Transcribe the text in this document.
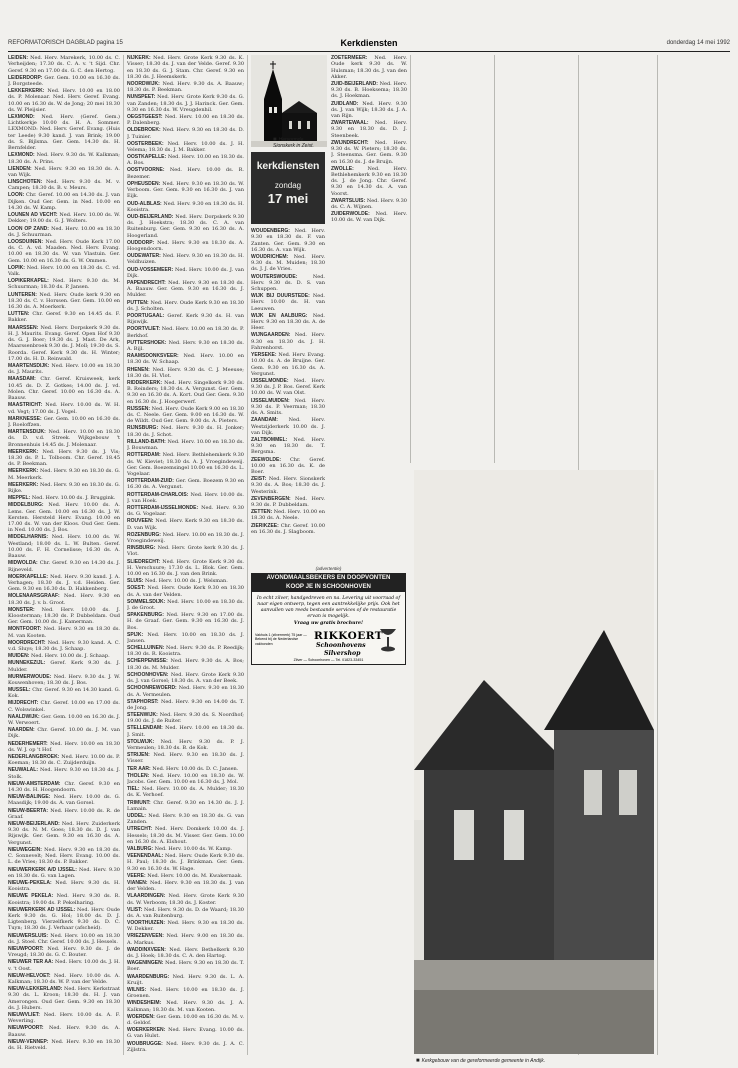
REFORMATORISCH DAGBLAD pagina 15	Kerkdiensten	donderdag 14 mei 1992

LEIDEN: Ned. Herv. Marekerk, 10.00 ds. C. Verheijden; 17.30 ds. C. A. v. 't Sijd. Chr. Geref. 9.30 en 17.00 ds. G. C. den Hertog.

LEIDERDORP: Ger. Gem. 10.00 en 16.30 ds. J. Borgsteede.

LEKKERKERK: Ned. Herv. 10.00 en 18.00 ds. P. Molenaar. Ned. Herv. Geref. Evang. 10.00 en 16.30 ds. W. de Jong; 20 mei 18.30 ds. W. Pleijsier.

LEXMOND: Ned. Herv. (Geref. Gem.) Lichtkerkje 10.00 ds. H. A. Sommer. LEXMOND: Ned. Herv. Geref. Evang. (Huis ter Leede) 9.30 kand. J. van Brink; 19.00 ds. S. Bijlsma. Ger. Gem. 14.30 ds. H. Bernfelder.

LEXMOND: Ned. Herv. 9.30 ds. W. Kalkman; 18.30 ds. A. Prins.

LIENDEN: Ned. Herv. 9.30 en 18.30 ds. A. van Wijk.

LINSCHOTEN: Ned. Herv. 9.30 ds. M. v. Campen; 18.30 ds. B. v. Meurs.

LOON: Chr. Geref. 10.00 en 14.30 ds. J. van Dijken. Oud Ger. Gem. in Ned. 10.00 en 14.30 ds. W. Kamp.

LOUNEN AD VECHT: Ned. Herv. 10.00 ds. W. Dekker; 19.00 ds. G. J. Wolters.

LOON OP ZAND: Ned. Herv. 10.00 en 18.30 ds. J. Schuurman.

LOOSDUINEN: Ned. Herv. Oude Kerk 17.00 ds. C. A. vd. Maaden. Ned. Herv. Evang. 10.00 en 18.30 ds. W. van Vlastuin. Ger. Gem. 10.00 en 16.30 ds. G. W. Ommen.

LOPIK: Ned. Herv. 10.00 en 18.30 ds. C. vd. Valk.

LOPIKERKAPEL: Ned. Herv. 9.30 ds. M. Schuurman; 18.30 ds. P. Jansen.

LUNTEREN: Ned. Herv. Oude kerk 9.30 en 18.30 ds. C. v. Horssen. Ger. Gem. 10.00 en 16.30 ds. A. Moerkerk.

LUTTEN: Chr. Geref. 9.30 en 14.45 ds. F. Bakker.

MAARSSEN: Ned. Herv. Dorpskerk 9.30 ds. H. J. Maurits. Evang. Geref. Open Hof 9.30 ds. G. J. Boer; 19.30 ds. J. Mast. De Ark, Maarssenbroek 9.30 ds. J. Moll; 19.30 ds. S. Roorda. Geref. Kerk 9.30 ds. H. Winter; 17.00 ds. H. D. Reinwald.

MAARTENSDIJK: Ned. Herv. 10.00 en 18.30 ds. J. Maurits.

MAASDAM: Chr. Geref. Kruisweek, kerk 10.45 ds. D. Z. Gotkes; 14.00 ds. J. vd. Molen. Chr. Geref. 10.00 en 16.30 ds. A. Baauw.

MAASTRICHT: Ned. Herv. 10.00 ds. W. H. vd. Vegt; 17.00 ds. J. Vogel.

MARKNESSE: Ger. Gem. 10.00 en 16.30 ds. J. Roeloffzen.

MARTENSDIJK: Ned. Herv. 10.00 en 18.30 ds. D. v.d. Streek. Wijkgebouw 't Bronnenhuis 14.45 ds. J. Molenaar.

MEERKERK: Ned. Herv. 9.30 ds. J. Vis; 18.30 ds. P. L. Tolboom. Chr. Geref. 18.45 ds. P. Beekman.

MEERKERK: Ned. Herv. 9.30 en 18.30 ds. G. M. Meerkerk.

MEERKERK: Ned. Herv. 9.30 en 18.30 ds. G. Rijke.

MEPPEL: Ned. Herv. 10.00 ds. J. Bruggink.

MIDDELBURG: Ned. Herv. 10.00 ds. A. Lems. Ger. Gem. 10.00 en 16.30 ds. J. W. Kersten. Hersteld Herv. Evang. 10.00 en 17.00 ds. W. van der Kloos. Oud Ger. Gem. in Ned. 10.00 ds. J. Bos.

MIDDELHARNIS: Ned. Herv. 10.00 ds. W. Westland; 18.00 ds. L. W. Bulten. Geref. 10.00 ds. F. H. Cornelisse; 16.30 ds. A. Baauw.

MIDWOLDA: Chr. Geref. 9.30 en 14.30 ds. J. Rijneveld.

MOERKAPELLE: Ned. Herv. 9.30 kand. J. A. Verhagen; 18.30 ds. J. v.d. Heiden. Ger. Gem. 9.30 en 16.30 ds. D. Hakkenberg.

MOLENAARSGRAAF: Ned. Herv. 9.30 en 18.30 ds. J. v. b. Groot.

MONSTER: Ned. Herv. 10.00 ds. J. Kloosterman; 18.30 ds. P. Dubbeldam. Oud Ger. Gem. 10.00 ds. J. Kamerman.

MONTFOORT: Ned. Herv. 9.30 en 18.30 ds. M. van Kooten.

MOORDRECHT: Ned. Herv. 9.30 kand. A. C. v.d. Sluys; 18.30 ds. J. Schaap.

MUIDEN: Ned. Herv. 10.00 ds. J. Schaap.

MUNNEKEZIJL: Geref. Kerk 9.30 ds. J. Mulder.

MURMERWOUDE: Ned. Herv. 9.30 ds. J. W. Kouwenhoven; 18.30 ds. J. Bos.

MUSSEL: Chr. Geref. 9.30 en 14.30 kand. G. Kok.

MIJDRECHT: Chr. Geref. 10.00 en 17.00 ds. C. Wolswinkel.

NAALDWIJK: Ger. Gem. 10.00 en 16.30 ds. J. W. Verwoert.

NAARDEN: Chr. Geref. 10.00 ds. J. M. van Dijk.

NEDERHEMERT: Ned. Herv. 10.00 en 18.30 ds. W. J. op 't Hof.

NEDERLANGBROEK: Ned. Herv. 10.00 ds. P. Koeman; 18.30 ds. C. Zuijderduijn.

NEUWALAL: Ned. Herv. 9.30 en 18.30 ds. J. Stolk.

NIEUW-AMSTERDAM: Chr. Geref. 9.30 en 14.30 ds. H. Hoogendoorn.

NIEUW-BALINGE: Ned. Herv. 10.00 ds. G. Maasdijk; 19.00 ds. A. van Gorsel.

NIEUW-BEERTA: Ned. Herv. 10.00 ds. R. de Graaf.

NIEUW-BEIJERLAND: Ned. Herv. Zuiderkerk 9.30 ds. N. M. Goes; 18.30 ds. D. J. van Rijswijk. Ger. Gem. 9.30 en 16.30 ds. A. Vergunst.

NIEUWEGEIN: Ned. Herv. 9.30 en 18.30 ds. C. Sonnevelt; Ned. Herv. Evang. 10.00 ds. L. de Vries; 18.30 ds. P. Bakker.

NIEUWERKERK A/D IJSSEL: Ned. Herv. 9.30 en 18.30 ds. G. van Lagen.

NIEUWE-PEKELA: Ned. Herv. 9.30 ds. H. Kooistra.

NIEUWE PEKELA: Ned. Herv. 9.30 ds. R. Kooistra; 19.00 ds. P. Pekelharing.

NIEUWERKERK AD IJSSEL: Ned. Herv. Oude Kerk 9.30 ds. G. Hol; 18.00 ds. D. J. Ligtenberg. Vierzelfkerk 9.30 ds. D. C. Tuyn; 18.30 ds. J. Verhaar (afscheid).

NIEUWERSLUIS: Ned. Herv. 10.00 en 18.30 ds. J. Stoel. Chr. Geref. 10.00 ds. J. Hessels.

NIEUWPOORT: Ned. Herv. 9.30 ds. J. de Vreugd; 18.30 ds. G. C. Bouter.

NIEUWER TER AA: Ned. Herv. 10.00 ds. J. H. v. 't Oost.

NIEUW-HELVOET: Ned. Herv. 10.00 ds. A. Kalkman; 18.30 ds. W. P. van der Velde.

NIEUW-LEKKERLAND: Ned. Herv. Kerkstraat 9.30 ds. L. Kroon; 18.30 ds. H. J. van Amerongen. Oud Ger. Gem. 9.30 en 18.30 ds. J. Hubers.

NIEUWVLIET: Ned. Herv. 10.00 ds. A. F. Weverling.

NIEUWPOORT: Ned. Herv. 9.30 ds. A. Baauw.

NIEUW-VENNEP: Ned. Herv. 9.30 en 18.30 ds. H. Rietveld.

NIJKERK: Ned. Herv. Grote Kerk 9.30 ds. K. Visser; 18.30 ds. J. van der Velde. Geref. 9.30 en 18.30 ds. G. J. Stam. Chr. Geref. 9.30 en 18.30 ds. J. Heemskerk.

NOORDWIJK: Ned. Herv. 9.30 ds. A. Baauw; 18.30 ds. P. Beekman.

NUNSPEET: Ned. Herv. Grote Kerk 9.30 ds. G. van Zanden; 18.30 ds. J. J. Harinck. Ger. Gem. 9.30 en 16.30 ds. W. Vreugdenhil.

OEGSTGEEST: Ned. Herv. 10.00 en 18.30 ds. P. Dalenberg.

OLDEBROEK: Ned. Herv. 9.30 en 18.30 ds. D. J. Tuinier.

OOSTERBEEK: Ned. Herv. 10.00 ds. J. H. Velema; 18.30 ds. J. M. Bakker.

OOSTKAPELLE: Ned. Herv. 10.00 en 18.30 ds. A. Bos.

OOSTVOORNE: Ned. Herv. 10.00 ds. R. Bezemer.

OPHEUSDEN: Ned. Herv. 9.30 en 18.30 ds. W. Verboom. Ger. Gem. 9.30 en 16.30 ds. J. van Eijk.

OUD-ALBLAS: Ned. Herv. 9.30 en 18.30 ds. H. Kooistra.

OUD-BEIJERLAND: Ned. Herv. Dorpskerk 9.30 ds. J. Hoekstra; 18.30 ds. C. A. van Ruitenburg. Ger. Gem. 9.30 en 16.30 ds. A. Hoogerland.

OUDDORP: Ned. Herv. 9.30 en 18.30 ds. A. Hoogendoorn.

OUDEWATER: Ned. Herv. 9.30 en 18.30 ds. H. Veldhuizen.

OUD-VOSSEMEER: Ned. Herv. 10.00 ds. J. van Dijk.

PAPENDRECHT: Ned. Herv. 9.30 en 18.30 ds. A. Baauw. Ger. Gem. 9.30 en 16.30 ds. J. Mulder.

PUTTEN: Ned. Herv. Oude Kerk 9.30 en 18.30 ds. J. Scholten.

POORTUGAAL: Geref. Kerk 9.30 ds. H. van Rijswijk.

POORTVLIET: Ned. Herv. 10.00 en 18.30 ds. P. Berkhof.

PUTTERSHOEK: Ned. Herv. 9.30 en 18.30 ds. A. Bijl.

RAAMSDONKSVEER: Ned. Herv. 10.00 en 18.30 ds. W. Schaap.

RHENEN: Ned. Herv. 9.30 ds. C. J. Meeuse; 18.30 ds. H. Vlot.

RIDDERKERK: Ned. Herv. Singelkerk 9.30 ds. B. Reinders; 18.30 ds. A. Vergunst. Ger. Gem. 9.30 en 16.30 ds. A. Kort. Oud Ger. Gem. 9.30 en 16.30 ds. J. Hoogerwerf.

RIJSSEN: Ned. Herv. Oude Kerk 9.00 en 18.30 ds. C. Neele. Ger. Gem. 9.00 en 16.30 ds. W. de Wildt. Oud Ger. Gem. 9.00 ds. A. Pieters.

RIJNSBURG: Ned. Herv. 9.30 ds. H. Jonker; 18.30 ds. J. Schot.

RILLAND-BATH: Ned. Herv. 10.00 en 18.30 ds. J. Bouwman.

ROTTERDAM: Ned. Herv. Bethlehemkerk 9.30 ds. W. Kieviet; 18.30 ds. A. J. Vroegindeweij. Ger. Gem. Boezemsingel 10.00 en 16.30 ds. L. Vogelaar.

ROTTERDAM-ZUID: Ger. Gem. Boezem 9.30 en 16.30 ds. A. Vergunst.

ROTTERDAM-CHARLOIS: Ned. Herv. 10.00 ds. J. van Hoek.

ROTTERDAM-IJSSELMONDE: Ned. Herv. 9.30 ds. G. Vogelaar.

ROUVEEN: Ned. Herv. Kerk 9.30 en 18.30 ds. D. van Wijk.

ROZENBURG: Ned. Herv. 10.00 en 18.30 ds. J. Vroegindeweij.

RINSBURG: Ned. Herv. Grote kerk 9.30 ds. J. Vlot.

SLIEDRECHT: Ned. Herv. Grote Kerk 9.30 ds. H. Verschuure; 17.30 ds. L. Blok. Ger. Gem. 10.00 en 16.30 ds. J. van den Brink.

SLUIS: Ned. Herv. 10.00 ds. J. Welsman.

SOEST: Ned. Herv. Oude Kerk 9.30 en 18.30 ds. A. van der Velden.

SOMMELSDIJK: Ned. Herv. 10.00 en 18.30 ds. J. de Groot.

SPAKENBURG: Ned. Herv. 9.30 en 17.00 ds. H. de Graaf. Ger. Gem. 9.30 en 16.30 ds. J. Bos.

SPIJK: Ned. Herv. 10.00 en 18.30 ds. J. Jansen.

SCHELLUINEN: Ned. Herv. 9.30 ds. P. Reedijk; 18.30 ds. R. Kooistra.

SCHERPENISSE: Ned. Herv. 9.30 ds. A. Bos; 18.30 ds. M. Mulder.

SCHOONHOVEN: Ned. Herv. Grote Kerk 9.30 ds. J. van Gorsel; 18.30 ds. A. van der Beek.

SCHOONREWOERD: Ned. Herv. 9.30 en 18.30 ds. A. Vermeulen.

STAPHORST: Ned. Herv. 9.30 en 14.00 ds. T. de Jong.

STEENWIJK: Ned. Herv. 9.30 ds. S. Noordhof; 19.00 ds. J. de Ruiter.

STELLENDAM: Ned. Herv. 10.00 en 18.30 ds. J. Smit.

STOLWIJK: Ned. Herv. 9.30 ds. P. J. Vermeulen; 18.30 ds. B. de Kok.

STRIJEN: Ned. Herv. 9.30 en 18.30 ds. J. Visser.

TER AAR: Ned. Herv. 10.00 ds. D. C. Jansen.

THOLEN: Ned. Herv. 10.00 en 18.30 ds. W. Jacobs. Ger. Gem. 10.00 en 16.30 ds. J. Mol.

TIEL: Ned. Herv. 10.00 ds. A. Mulder; 18.30 ds. K. Verhoef.

TRIMUNT: Chr. Geref. 9.30 en 14.30 ds. J. J. Lamain.

UDDEL: Ned. Herv. 9.30 en 18.30 ds. G. van Zanden.

UTRECHT: Ned. Herv. Domkerk 10.00 ds. J. Hessels; 18.30 ds. M. Visser. Ger. Gem. 10.00 en 16.30 ds. A. Elshout.

VALBURG: Ned. Herv. 10.00 ds. W. Kamp.

VEENENDAAL: Ned. Herv. Oude Kerk 9.30 ds. H. Paul; 18.30 ds. J. Brinkman. Ger. Gem. 9.30 en 16.30 ds. W. Hage.

VEERE: Ned. Herv. 10.00 ds. M. Kwakernaak.

VIANEN: Ned. Herv. 9.30 en 18.30 ds. J. van der Velden.

VLAARDINGEN: Ned. Herv. Grote Kerk 9.30 ds. W. Verboom; 18.30 ds. J. Koster.

VLIST: Ned. Herv. 9.30 ds. D. de Waard; 18.30 ds. A. van Ruitenburg.

VOORTHUIZEN: Ned. Herv. 9.30 en 18.30 ds. W. Dekker.

VRIEZENVEEN: Ned. Herv. 9.00 en 18.30 ds. A. Markus.

WADDINXVEEN: Ned. Herv. Bethelkerk 9.30 ds. J. Hoek; 18.30 ds. C. A. den Hartog.

WAGENINGEN: Ned. Herv. 9.30 en 18.30 ds. T. Boer.

WAARDENBURG: Ned. Herv. 9.30 ds. L. A. Kruijt.

WILNIS: Ned. Herv. 10.00 en 18.30 ds. J. Groenen.

WINDESHEIM: Ned. Herv. 9.30 ds. J. A. Kalkman; 18.30 ds. M. van Kooten.

WOERDEN: Ger. Gem. 10.00 en 16.30 ds. M. v. d. Geldof.

WOERKERKEN: Ned. Herv. Evang. 10.00 ds. G. van Hulst.

WOUBRUGGE: Ned. Herv. 9.30 ds. J. A. C. Zijlstra.

WOUDENBERG: Ned. Herv. 9.30 en 18.30 ds. F. van Zanten. Ger. Gem. 9.30 en 16.30 ds. A. van Wijk.

WOUDRICHEM: Ned. Herv. 9.30 ds. M. Muiden; 18.30 ds. J. J. de Vries.

WOUTERSWOUDE: Ned. Herv. 9.30 ds. D. S. van Schuppen.

WIJK BIJ DUURSTEDE: Ned. Herv. 10.00 ds. H. van Leeuwen.

WIJK EN AALBURG: Ned. Herv. 9.30 en 18.30 ds. A. de Heer.

WIJNGAARDEN: Ned. Herv. 9.30 en 18.30 ds. J. H. Fahrenhorst.

YERSEKE: Ned. Herv. Evang. 10.00 ds. A. de Bruijne. Ger. Gem. 9.30 en 16.30 ds. A. Vergunst.

IJSSELMONDE: Ned. Herv. 9.30 ds. J. P. Bos. Geref. Kerk 10.00 ds. W. van Olst.

IJSSELMUIDEN: Ned. Herv. 9.30 ds. P. Veerman; 18.30 ds. A. Smits.

ZAANDAM: Ned. Herv. Westzijderkerk 10.00 ds. J. van Dijk.

ZALTBOMMEL: Ned. Herv. 9.30 en 18.30 ds. T. Bergsma.

ZEEWOLDE: Chr. Geref. 10.00 en 16.30 ds. K. de Boer.

ZEIST: Ned. Herv. Sionskerk 9.30 ds. A. Bos; 18.30 ds. J. Westerink.

ZEVENBERGEN: Ned. Herv. 9.30 ds. P. Dubbeldam.

ZETTEN: Ned. Herv. 10.00 en 18.30 ds. A. Neele.

ZIERIKZEE: Chr. Geref. 10.00 en 16.30 ds. J. Slagboom.

ZOETERMEER: Ned. Herv. Oude kerk 9.30 ds. W. Hulsman; 18.30 ds. J. van den Akker.

ZUID-BEIJERLAND: Ned. Herv. 9.30 ds. B. Hoeksema; 18.30 ds. J. Hoekman.

ZUIDLAND: Ned. Herv. 9.30 ds. J. van Wijk; 18.30 ds. J. A. van Rijn.

ZWARTEWAAL: Ned. Herv. 9.30 en 18.30 ds. D. J. Steenbeek.

ZWIJNDRECHT: Ned. Herv. 9.30 ds. W. Pieters; 18.30 ds. J. Steensma. Ger. Gem. 9.30 en 16.30 ds. J. de Bruijn.

ZWOLLE: Ned. Herv. Bethlehemkerk 9.30 en 18.30 ds. J. de Jong. Chr. Geref. 9.30 en 14.30 ds. A. van Voorst.

ZWARTSLUIS: Ned. Herv. 9.30 ds. C. A. Wijnen.

ZUIDERWOLDE: Ned. Herv. 10.00 ds. W. van Dijk.

■ Hervormde Sionskerk in Zeist.
kerkdiensten
zondag
17 mei
(advertentie)
AVONDMAALSBEKERS EN DOOPVONTEN
KOOP JE IN SCHOONHOVEN
In echt zilver, handgedreven en na. Levering uit voorraad of naar eigen ontwerp, tegen een aantrekkelijke prijs. Ook het aanvullen van reeds bestaande services of de restauratie ervan is mogelijk.
Vraag uw gratis brochure!
Vakhuis 1 (zilvermerk) 75 jaar — Bekend bij de Nederlandse vakbonden
RIKKOERT
Schoonhovens
Silvershop
Zilver — Schoonhoven — Tel. 01823-33451
■ Kerkgebouw van de gereformeerde gemeente in Andijk.
